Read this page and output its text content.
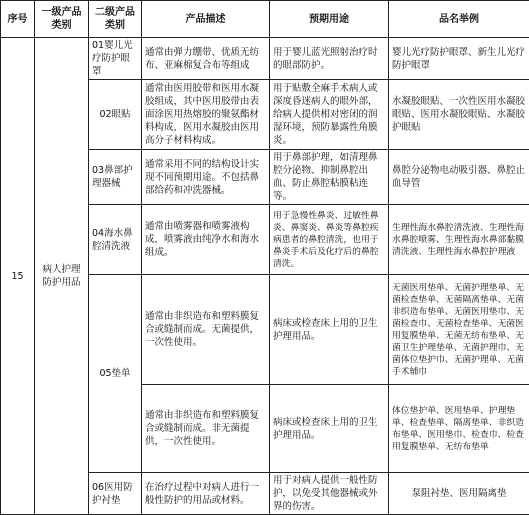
序号	一级产品类别	二级产品类别	产品描述	预期用途	品名举例
15	病人护理防护用品	01婴儿光疗防护眼罩	通常由弹力绷带、优质无纺布、亚麻棉复合布等组成	用于婴儿蓝光照射治疗时的眼部防护。	婴儿光疗防护眼罩、新生儿光疗防护眼罩
		02眼贴	通常由医用胶带和医用水凝胶组成，其中医用胶带由表面涂医用热熔胶的聚氨酯材料构成，医用水凝胶由医用高分子材料构成。	用于贴敷全麻手术病人或深度昏迷病人的眼外部，给病人提供相对密闭的润湿环境，预防暴露性角膜炎。	水凝胶眼贴、一次性医用水凝胶眼贴、医用水凝胶眼贴、水凝胶护眼贴
		03鼻部护理器械	通常采用不同的结构设计实现不同预期用途。不包括鼻部给药和冲洗器械。	用于鼻部护理，如清理鼻腔分泌物、抑制鼻腔出血、防止鼻腔粘膜粘连等。	鼻腔分泌物电动吸引器、鼻腔止血导管
		04海水鼻腔清洗液	通常由喷雾器和喷雾液构成，喷雾液由纯净水和海水组成。	用于急慢性鼻炎、过敏性鼻炎、鼻窦炎、鼻炎等鼻腔疾病患者的鼻腔清洗，也用于鼻炎手术后及化疗后的鼻腔清洗。	生理性海水鼻腔清洗液、生理性海水鼻腔喷雾、生理性海水鼻部黏膜清洗液、生理性海水鼻腔护理液
		05垫单	通常由非织造布和塑料膜复合或缝制而成。无菌提供，一次性使用。	病床或检查床上用的卫生护理用品。	无菌医用垫单、无菌护理垫单、无菌检查垫单、无菌隔离垫单、无菌非织造布垫单、无菌医用垫巾、无菌检查巾、无菌检查垫单、无菌医用复膜垫单、无菌无纺布垫单、无菌卫生护理垫单、无菌护理巾、无菌体位垫护巾、无菌护理单、无菌手术辅巾
			通常由非织造布和塑料膜复合或缝制而成。非无菌提供，一次性使用。	病床或检查床上用的卫生护理用品。	体位垫护单、医用垫单、护理垫单、检查垫单、隔离垫单、非织造布垫单、医用垫巾、检查巾、检查用复膜垫单、无纺布垫单
		06医用防护衬垫	在治疗过程中对病人进行一般性防护的用品或材料。	用于对病人提供一般性防护，以免受其他器械或外界的伤害。	泵阻衬垫、医用隔离垫
